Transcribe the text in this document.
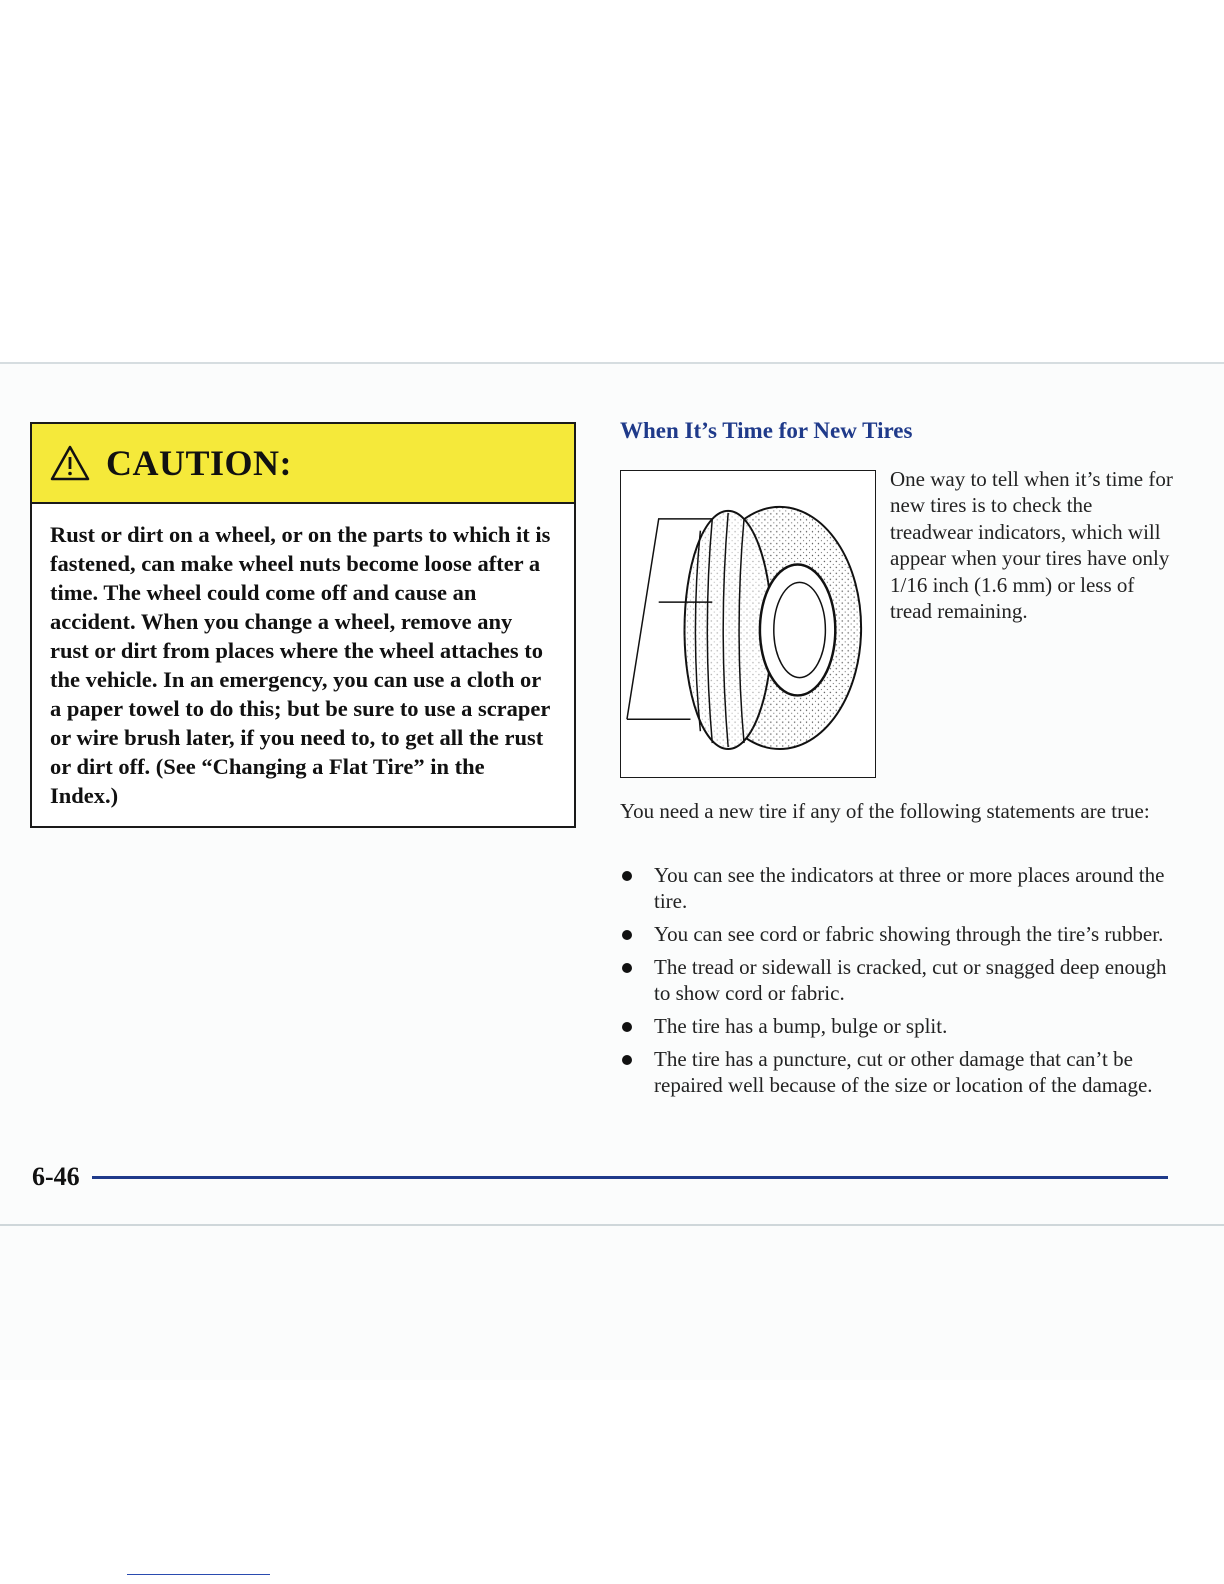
CAUTION:
Rust or dirt on a wheel, or on the parts to which it is fastened, can make wheel nuts become loose after a time. The wheel could come off and cause an accident. When you change a wheel, remove any rust or dirt from places where the wheel attaches to the vehicle. In an emergency, you can use a cloth or a paper towel to do this; but be sure to use a scraper or wire brush later, if you need to, to get all the rust or dirt off. (See “Changing a Flat Tire” in the Index.)
When It’s Time for New Tires
One way to tell when it’s time for new tires is to check the treadwear indicators, which will appear when your tires have only 1/16 inch (1.6 mm) or less of tread remaining.
You need a new tire if any of the following statements are true:
You can see the indicators at three or more places around the tire.
You can see cord or fabric showing through the tire’s rubber.
The tread or sidewall is cracked, cut or snagged deep enough to show cord or fabric.
The tire has a bump, bulge or split.
The tire has a puncture, cut or other damage that can’t be repaired well because of the size or location of the damage.
6-46
